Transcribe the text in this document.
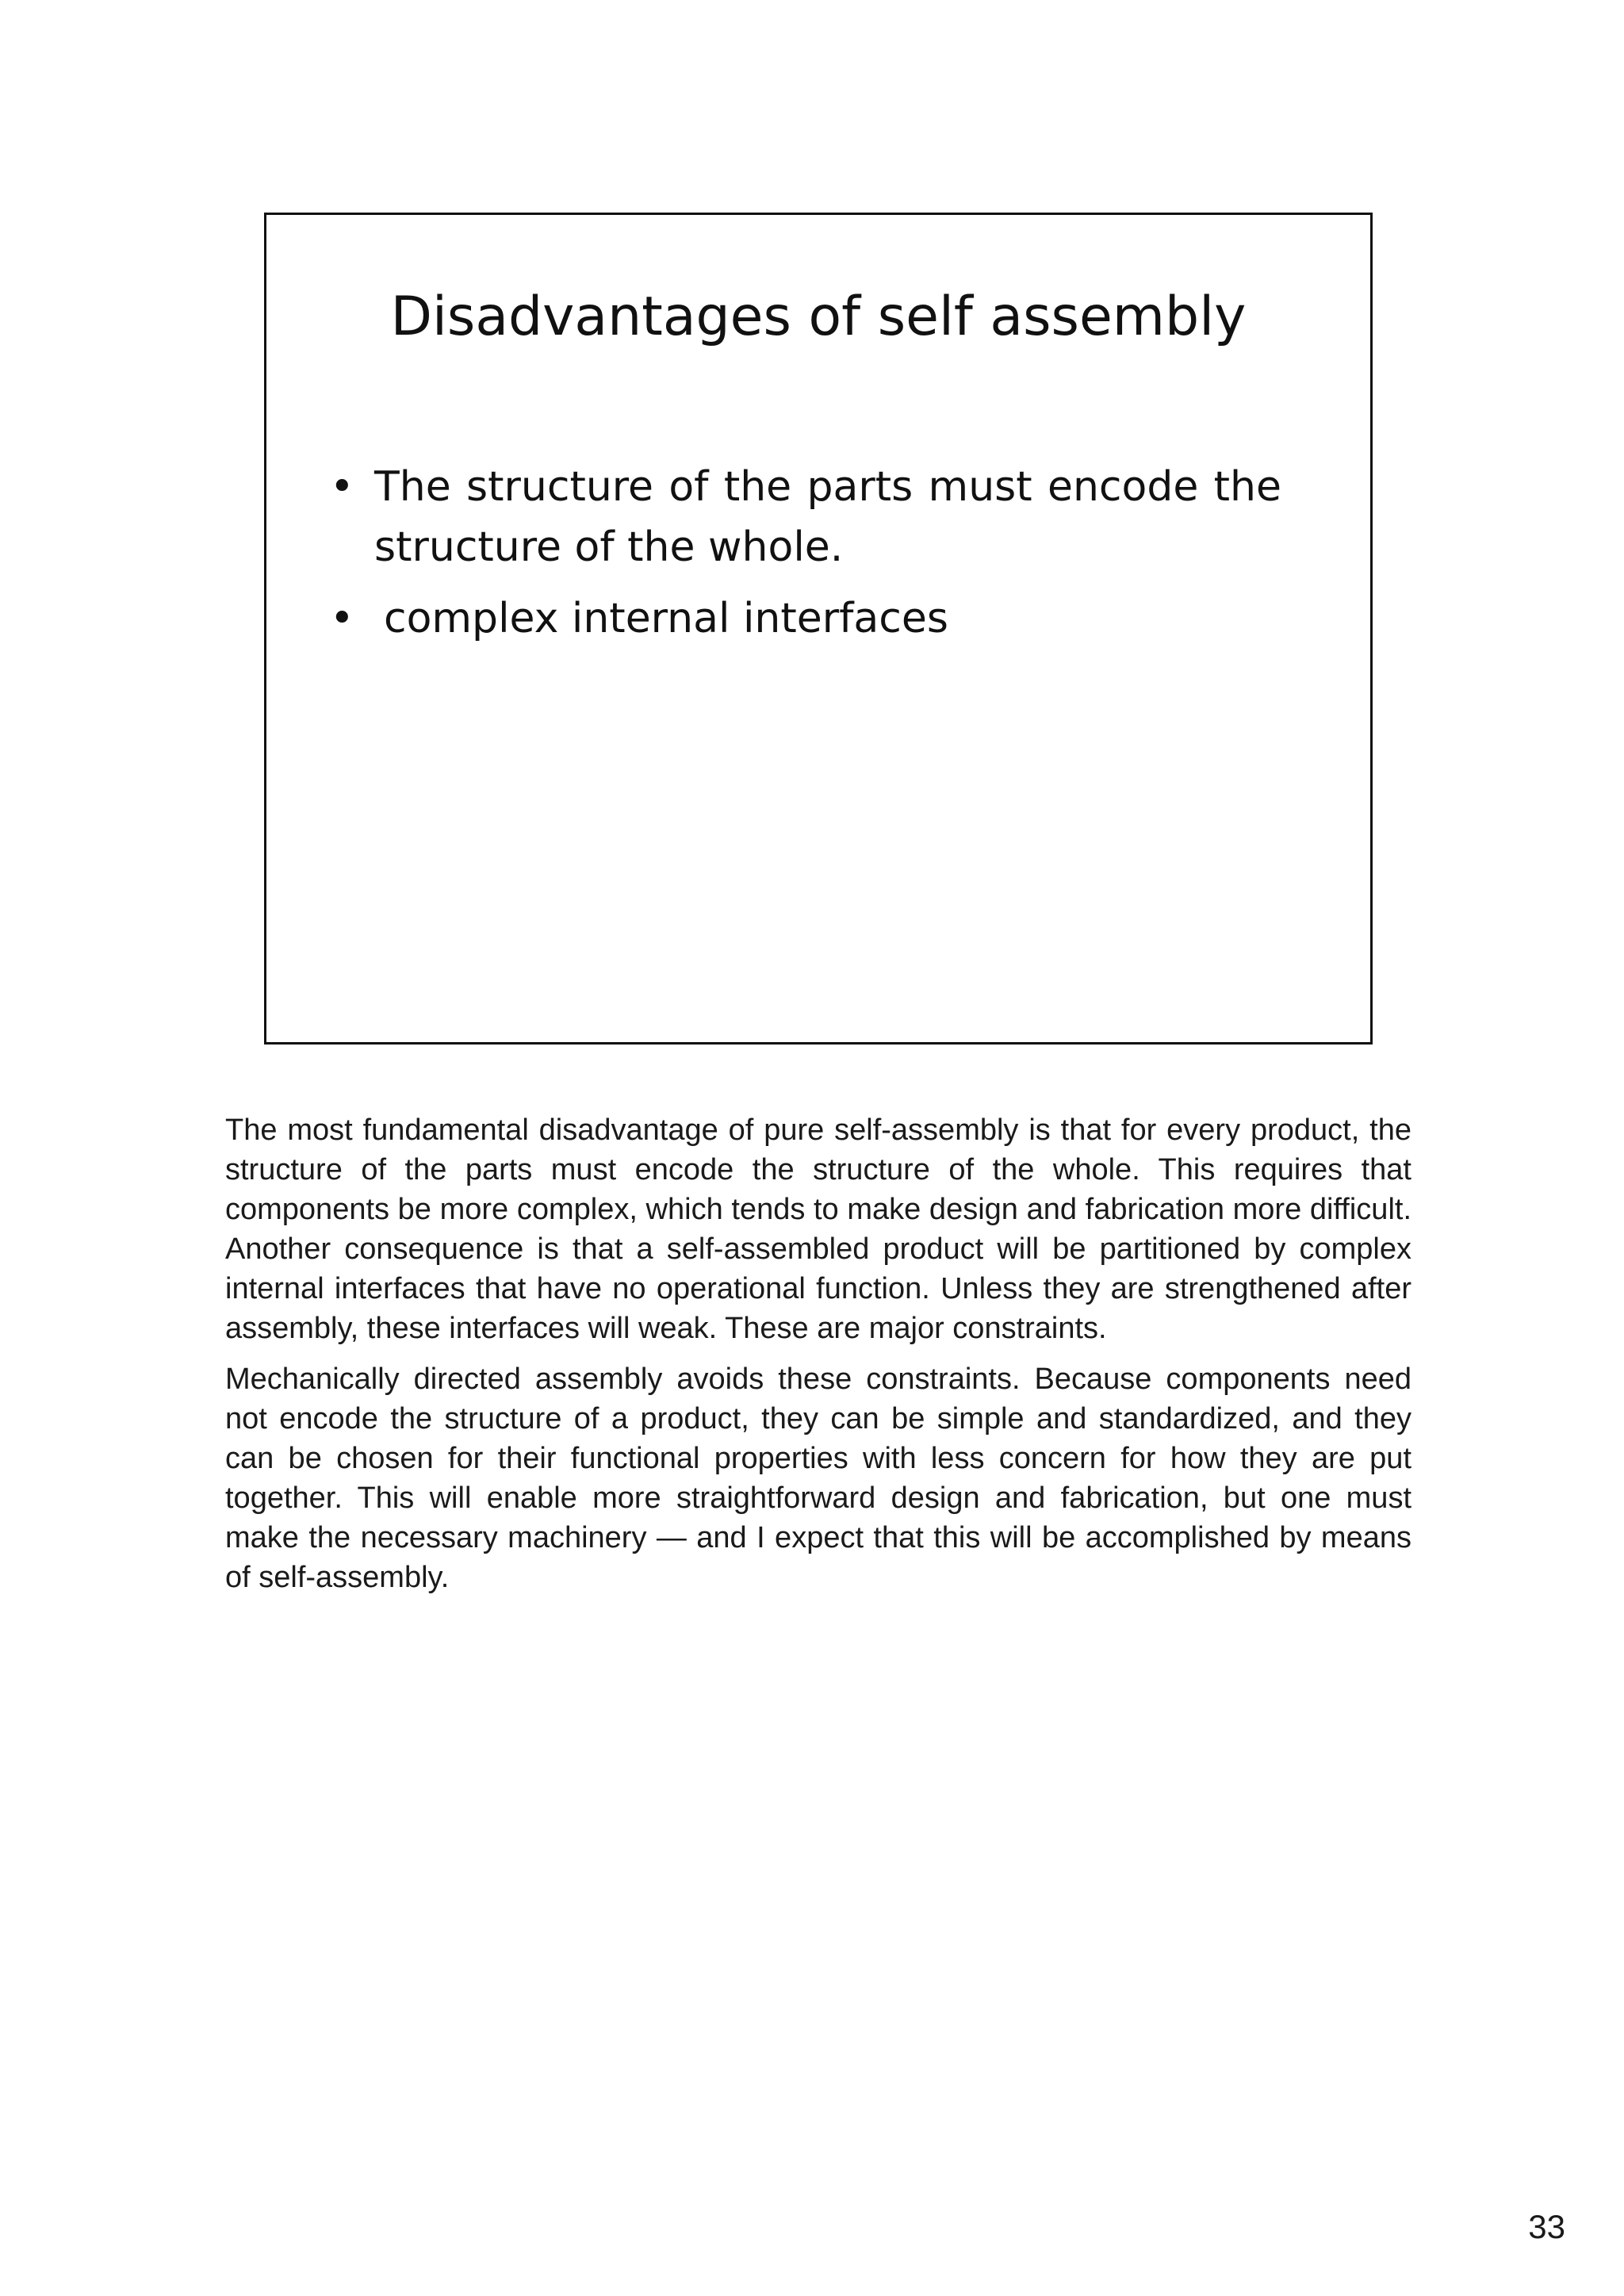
Disadvantages of self assembly
• The structure of the parts must encode the structure of the whole.
• complex internal interfaces

The most fundamental disadvantage of pure self-assembly is that for every product, the structure of the parts must encode the structure of the whole. This requires that components be more complex, which tends to make design and fabrication more difficult. Another consequence is that a self-assembled product will be partitioned by complex internal interfaces that have no operational function. Unless they are strengthened after assembly, these interfaces will weak. These are major constraints.

Mechanically directed assembly avoids these constraints. Because components need not encode the structure of a product, they can be simple and standardized, and they can be chosen for their functional properties with less concern for how they are put together. This will enable more straightforward design and fabrication, but one must make the necessary machinery — and I expect that this will be accomplished by means of self-assembly.

33
